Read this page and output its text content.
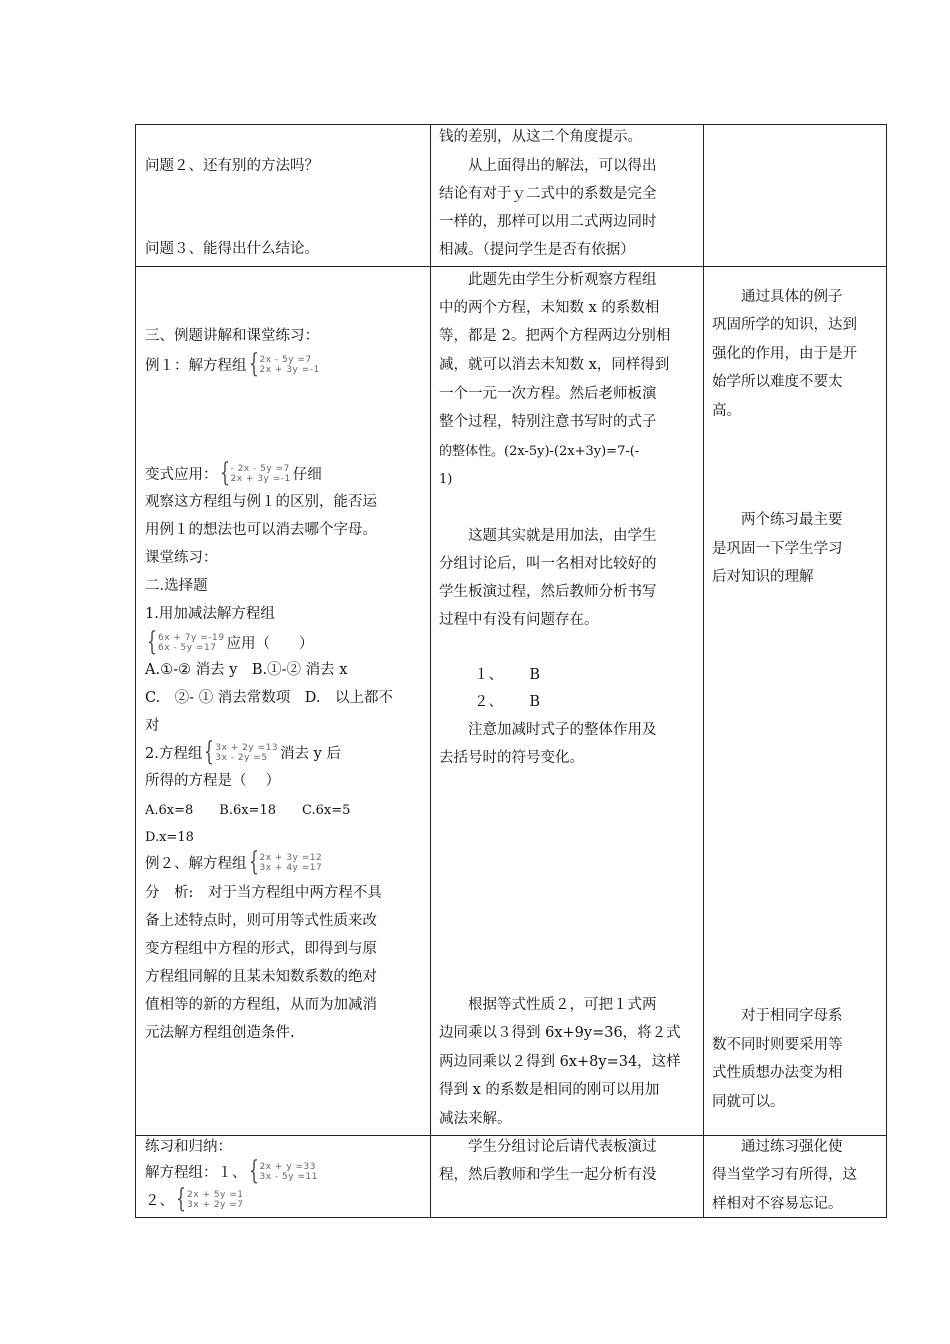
问题２、还有别的方法吗？
问题３、能得出什么结论。
钱的差别，从这二个角度提示。
　　从上面得出的解法，可以得出
结论有对于ｙ二式中的系数是完全
一样的，那样可以用二式两边同时
相减。（提问学生是否有依据）
三、例题讲解和课堂练习：
例１：解方程组 { 2x - 5y =7
2x + 3y =-1
变式应用： { - 2x - 5y =7
2x + 3y =-1 仔细
观察这方程组与例１的区别，能否运
用例１的想法也可以消去哪个字母。
课堂练习：
二.选择题
1.用加减法解方程组
{ 6x + 7y =-19
6x - 5y =17 应用（　　）
A.①-② 消去 y　B.①-② 消去 x
C.　②- ① 消去常数项　D.　以上都不
对
2.方程组 { 3x + 2y =13
3x - 2y =5 消去 y 后
所得的方程是（　 ）
A.6x=8　　B.6x=18　　C.6x=5
D.x=18
例２、解方程组 { 2x + 3y =12
3x + 4y =17
分　析:　对于当方程组中两方程不具
备上述特点时，则可用等式性质来改
变方程组中方程的形式，即得到与原
方程组同解的且某未知数系数的绝对
值相等的新的方程组，从而为加减消
元法解方程组创造条件.
　　此题先由学生分析观察方程组
中的两个方程，未知数 x 的系数相
等，都是 2。把两个方程两边分别相
减，就可以消去未知数 x，同样得到
一个一元一次方程。然后老师板演
整个过程，特别注意书写时的式子
的整体性。(2x-5y)-(2x+3y)=7-(-
1)
　　这题其实就是用加法，由学生
分组讨论后，叫一名相对比较好的
学生板演过程，然后教师分析书写
过程中有没有问题存在。
１、　　 B
２、　　 B
　　注意加减时式子的整体作用及
去括号时的符号变化。
　　根据等式性质２，可把１式两
边同乘以３得到 6x+9y=36，将２式
两边同乘以２得到 6x+8y=34，这样
得到 x 的系数是相同的刚可以用加
减法来解。
　　通过具体的例子
巩固所学的知识，达到
强化的作用，由于是开
始学所以难度不要太
高。
　　两个练习最主要
是巩固一下学生学习
后对知识的理解
　　对于相同字母系
数不同时则要采用等
式性质想办法变为相
同就可以。
练习和归纳：
解方程组：１、 { 2x + y =33
3x - 5y =11
２、 { 2x + 5y =1
3x + 2y =7
　　学生分组讨论后请代表板演过
程，然后教师和学生一起分析有没
　　通过练习强化使
得当堂学习有所得，这
样相对不容易忘记。
